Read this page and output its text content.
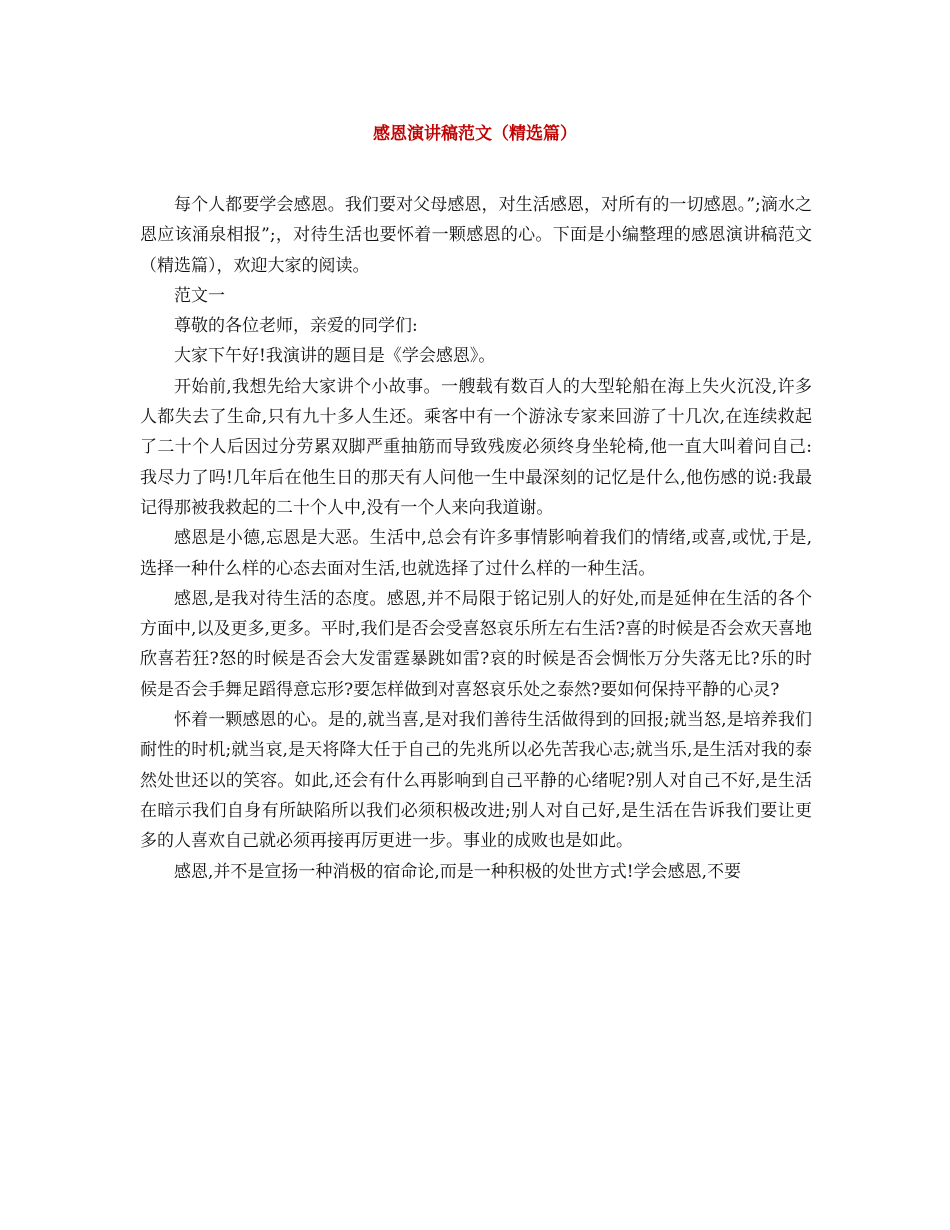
感恩演讲稿范文（精选篇）

每个人都要学会感恩。我们要对父母感恩，对生活感恩，对所有的一切感恩。”;滴水之恩应该涌泉相报”;，对待生活也要怀着一颗感恩的心。下面是小编整理的感恩演讲稿范文（精选篇），欢迎大家的阅读。

范文一

尊敬的各位老师，亲爱的同学们:

大家下午好!我演讲的题目是《学会感恩》。

开始前,我想先给大家讲个小故事。一艘载有数百人的大型轮船在海上失火沉没,许多人都失去了生命,只有九十多人生还。乘客中有一个游泳专家来回游了十几次,在连续救起了二十个人后因过分劳累双脚严重抽筋而导致残废必须终身坐轮椅,他一直大叫着问自己:我尽力了吗!几年后在他生日的那天有人问他一生中最深刻的记忆是什么,他伤感的说:我最记得那被我救起的二十个人中,没有一个人来向我道谢。

感恩是小德,忘恩是大恶。生活中,总会有许多事情影响着我们的情绪,或喜,或忧,于是,选择一种什么样的心态去面对生活,也就选择了过什么样的一种生活。

感恩,是我对待生活的态度。感恩,并不局限于铭记别人的好处,而是延伸在生活的各个方面中,以及更多,更多。平时,我们是否会受喜怒哀乐所左右生活?喜的时候是否会欢天喜地欣喜若狂?怒的时候是否会大发雷霆暴跳如雷?哀的时候是否会惆怅万分失落无比?乐的时候是否会手舞足蹈得意忘形?要怎样做到对喜怒哀乐处之泰然?要如何保持平静的心灵?

怀着一颗感恩的心。是的,就当喜,是对我们善待生活做得到的回报;就当怒,是培养我们耐性的时机;就当哀,是天将降大任于自己的先兆所以必先苦我心志;就当乐,是生活对我的泰然处世还以的笑容。如此,还会有什么再影响到自己平静的心绪呢?别人对自己不好,是生活在暗示我们自身有所缺陷所以我们必须积极改进;别人对自己好,是生活在告诉我们要让更多的人喜欢自己就必须再接再厉更进一步。事业的成败也是如此。

感恩,并不是宣扬一种消极的宿命论,而是一种积极的处世方式!学会感恩,不要
